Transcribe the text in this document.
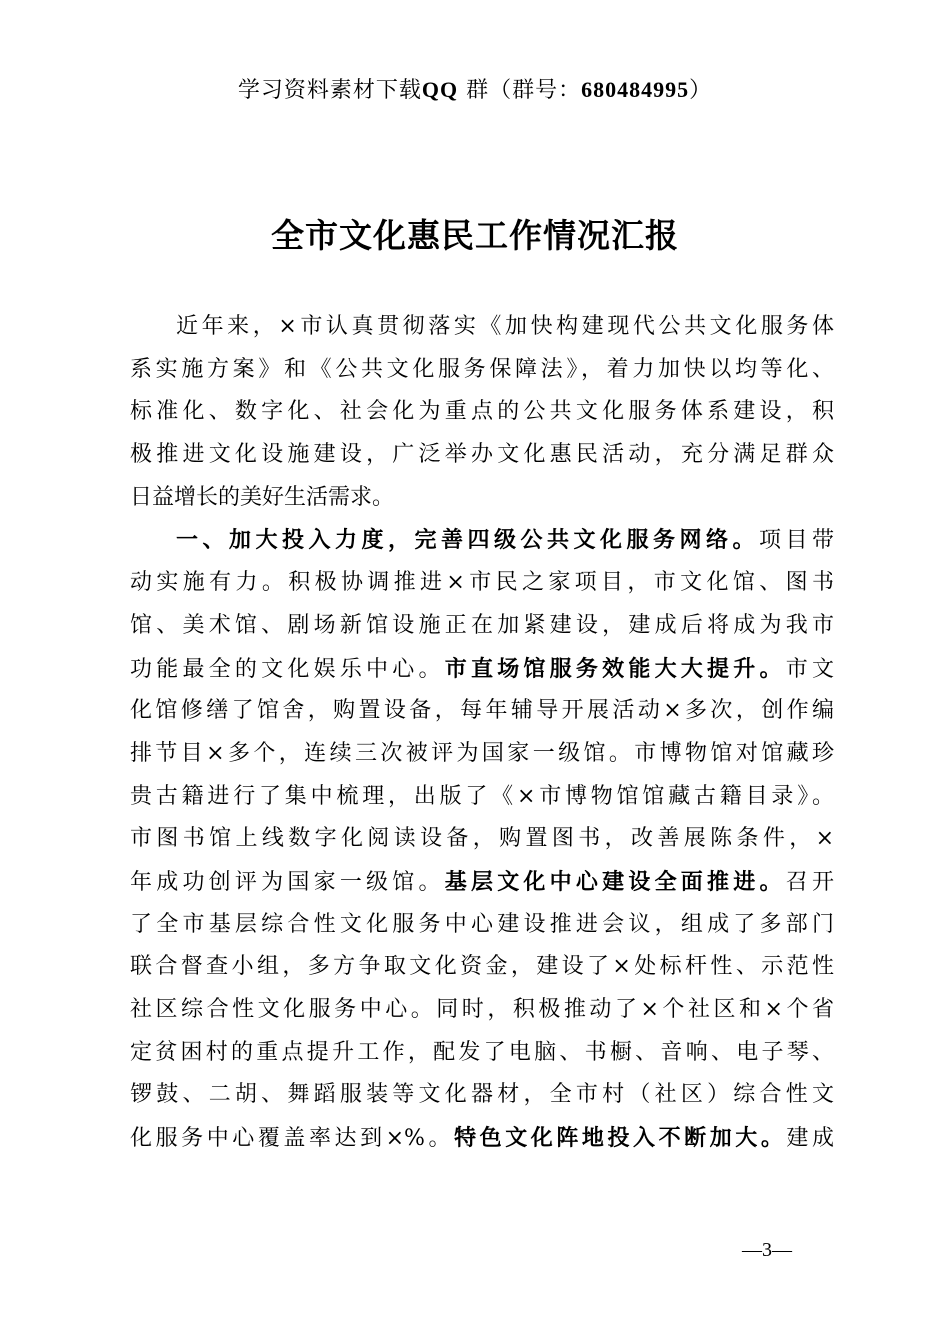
学习资料素材下载QQ 群（群号：680484995）
全市文化惠民工作情况汇报
近年来，×市认真贯彻落实《加快构建现代公共文化服务体
系实施方案》和《公共文化服务保障法》，着力加快以均等化、
标准化、数字化、社会化为重点的公共文化服务体系建设，积
极推进文化设施建设，广泛举办文化惠民活动，充分满足群众
日益增长的美好生活需求。
一、加大投入力度，完善四级公共文化服务网络。项目带
动实施有力。积极协调推进×市民之家项目，市文化馆、图书
馆、美术馆、剧场新馆设施正在加紧建设，建成后将成为我市
功能最全的文化娱乐中心。市直场馆服务效能大大提升。市文
化馆修缮了馆舍，购置设备，每年辅导开展活动×多次，创作编
排节目×多个，连续三次被评为国家一级馆。市博物馆对馆藏珍
贵古籍进行了集中梳理，出版了《×市博物馆馆藏古籍目录》。
市图书馆上线数字化阅读设备，购置图书，改善展陈条件，×
年成功创评为国家一级馆。基层文化中心建设全面推进。召开
了全市基层综合性文化服务中心建设推进会议，组成了多部门
联合督查小组，多方争取文化资金，建设了×处标杆性、示范性
社区综合性文化服务中心。同时，积极推动了×个社区和×个省
定贫困村的重点提升工作，配发了电脑、书橱、音响、电子琴、
锣鼓、二胡、舞蹈服装等文化器材，全市村（社区）综合性文
化服务中心覆盖率达到×%。特色文化阵地投入不断加大。建成
—3—
